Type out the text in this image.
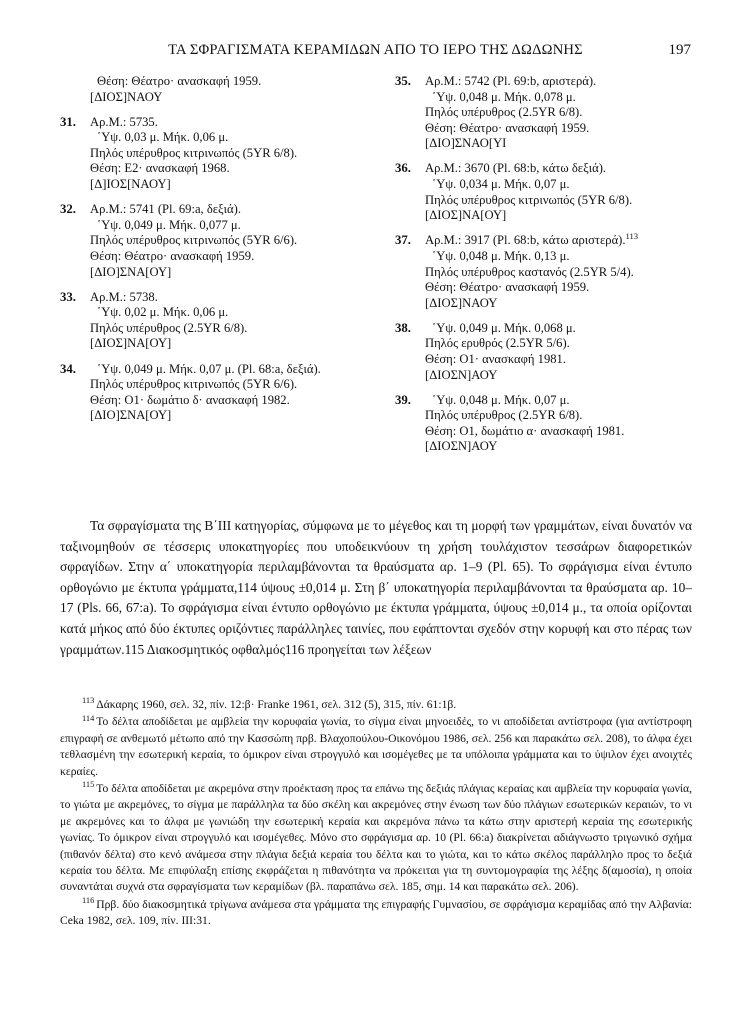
ΤΑ ΣΦΡΑΓΙΣΜΑΤΑ ΚΕΡΑΜΙΔΩΝ ΑΠΟ ΤΟ ΙΕΡΟ ΤΗΣ ΔΩΔΩΝΗΣ	197
Θέση: Θέατρο· ανασκαφή 1959.
[ΔΙΟΣ]ΝΑΟΥ
31.	Αρ.Μ.: 5735.
῾Υψ. 0,03 μ. Μήκ. 0,06 μ.
Πηλός υπέρυθρος κιτρινωπός (5YR 6/8).
Θέση: Ε2· ανασκαφή 1968.
[Δ]ΙΟΣ[ΝΑΟΥ]
32.	Αρ.Μ.: 5741 (Pl. 69:a, δεξιά).
῾Υψ. 0,049 μ. Μήκ. 0,077 μ.
Πηλός υπέρυθρος κιτρινωπός (5YR 6/6).
Θέση: Θέατρο· ανασκαφή 1959.
[ΔΙΟ]ΣΝΑ[ΟΥ]
33.	Αρ.Μ.: 5738.
῾Υψ. 0,02 μ. Μήκ. 0,06 μ.
Πηλός υπέρυθρος (2.5YR 6/8).
[ΔΙΟΣ]ΝΑ[ΟΥ]
34.	῾Υψ. 0,049 μ. Μήκ. 0,07 μ. (Pl. 68:a, δεξιά).
Πηλός υπέρυθρος κιτρινωπός (5YR 6/6).
Θέση: Ο1· δωμάτιο δ· ανασκαφή 1982.
[ΔΙΟ]ΣΝΑ[ΟΥ]
35.	Αρ.Μ.: 5742 (Pl. 69:b, αριστερά).
῾Υψ. 0,048 μ. Μήκ. 0,078 μ.
Πηλός υπέρυθρος (2.5YR 6/8).
Θέση: Θέατρο· ανασκαφή 1959.
[ΔΙΟ]ΣΝΑΟ[ΥΙ
36.	Αρ.Μ.: 3670 (Pl. 68:b, κάτω δεξιά).
῾Υψ. 0,034 μ. Μήκ. 0,07 μ.
Πηλός υπέρυθρος κιτρινωπός (5YR 6/8).
[ΔΙΟΣ]ΝΑ[ΟΥ]
37.	Αρ.Μ.: 3917 (Pl. 68:b, κάτω αριστερά).$^{113}$
῾Υψ. 0,048 μ. Μήκ. 0,13 μ.
Πηλός υπέρυθρος καστανός (2.5YR 5/4).
Θέση: Θέατρο· ανασκαφή 1959.
[ΔΙΟΣ]ΝΑΟΥ
38.	῾Υψ. 0,049 μ. Μήκ. 0,068 μ.
Πηλός ερυθρός (2.5YR 5/6).
Θέση: Ο1· ανασκαφή 1981.
[ΔΙΟΣΝ]ΑΟΥ
39.	῾Υψ. 0,048 μ. Μήκ. 0,07 μ.
Πηλός υπέρυθρος (2.5YR 6/8).
Θέση: Ο1, δωμάτιο α· ανασκαφή 1981.
[ΔΙΟΣΝ]ΑΟΥ

Τα σφραγίσματα της Β΄ΙΙΙ κατηγορίας, σύμφωνα με το μέγεθος και τη μορφή των γραμμάτων, είναι δυνατόν να ταξινομηθούν σε τέσσερις υποκατηγορίες που υποδεικνύουν τη χρήση τουλάχιστον τεσσάρων διαφορετικών σφραγίδων. Στην α΄ υποκατηγορία περιλαμβάνονται τα θραύσματα αρ. 1–9 (Pl. 65). Το σφράγισμα είναι έντυπο ορθογώνιο με έκτυπα γράμματα,114 ύψους ±0,014 μ. Στη β΄ υποκατηγορία περιλαμβάνονται τα θραύσματα αρ. 10–17 (Pls. 66, 67:a). Το σφράγισμα είναι έντυπο ορθογώνιο με έκτυπα γράμματα, ύψους ±0,014 μ., τα οποία ορίζονται κατά μήκος από δύο έκτυπες οριζόντιες παράλληλες ταινίες, που εφάπτονται σχεδόν στην κορυφή και στο πέρας των γραμμάτων.115 Διακοσμητικός οφθαλμός116 προηγείται των λέξεων

$^{113}$ Δάκαρης 1960, σελ. 32, πίν. 12:β· Franke 1961, σελ. 312 (5), 315, πίν. 61:1β.

$^{114}$ Το δέλτα αποδίδεται με αμβλεία την κορυφαία γωνία, το σίγμα είναι μηνοειδές, το νι αποδίδεται αντίστροφα (για αντίστροφη επιγραφή σε ανθεμωτό μέτωπο από την Κασσώπη πρβ. Βλαχοπούλου-Οικονόμου 1986, σελ. 256 και παρακάτω σελ. 208), το άλφα έχει τεθλασμένη την εσωτερική κεραία, το όμικρον είναι στρογγυλό και ισομέγεθες με τα υπόλοιπα γράμματα και το ύψιλον έχει ανοιχτές κεραίες.

$^{115}$ Το δέλτα αποδίδεται με ακρεμόνα στην προέκταση προς τα επάνω της δεξιάς πλάγιας κεραίας και αμβλεία την κορυφαία γωνία, το γιώτα με ακρεμόνες, το σίγμα με παράλληλα τα δύο σκέλη και ακρεμόνες στην ένωση των δύο πλάγιων εσωτερικών κεραιών, το νι με ακρεμόνες και το άλφα με γωνιώδη την εσωτερική κεραία και ακρεμόνα πάνω τα κάτω στην αριστερή κεραία της εσωτερικής γωνίας. Το όμικρον είναι στρογγυλό και ισομέγεθες. Μόνο στο σφράγισμα αρ. 10 (Pl. 66:a) διακρίνεται αδιάγνωστο τριγωνικό σχήμα (πιθανόν δέλτα) στο κενό ανάμεσα στην πλάγια δεξιά κεραία του δέλτα και το γιώτα, και το κάτω σκέλος παράλληλο προς το δεξιά κεραία του δέλτα. Με επιφύλαξη επίσης εκφράζεται η πιθανότητα να πρόκειται για τη συντομογραφία της λέξης δ(αμοσία), η οποία συναντάται συχνά στα σφραγίσματα των κεραμίδων (βλ. παραπάνω σελ. 185, σημ. 14 και παρακάτω σελ. 206).

$^{116}$ Πρβ. δύο διακοσμητικά τρίγωνα ανάμεσα στα γράμματα της επιγραφής Γυμνασίου, σε σφράγισμα κεραμίδας από την Αλβανία: Ceka 1982, σελ. 109, πίν. ΙΙΙ:31.
